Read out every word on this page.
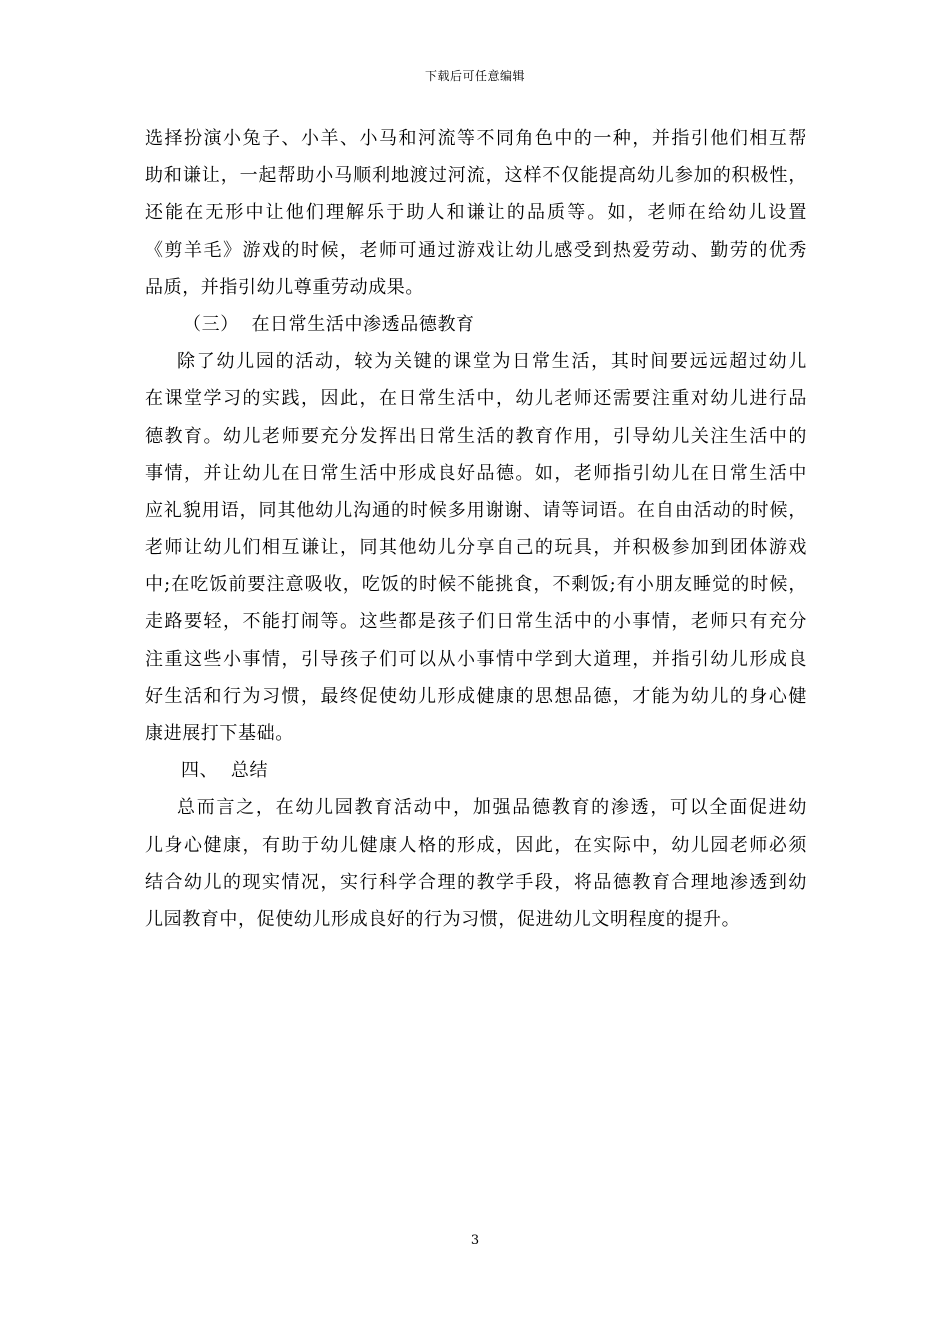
下载后可任意编辑
选择扮演小兔子、小羊、小马和河流等不同角色中的一种，并指引他们相互帮
助和谦让，一起帮助小马顺利地渡过河流，这样不仅能提高幼儿参加的积极性，
还能在无形中让他们理解乐于助人和谦让的品质等。如，老师在给幼儿设置
《剪羊毛》游戏的时候，老师可通过游戏让幼儿感受到热爱劳动、勤劳的优秀
品质，并指引幼儿尊重劳动成果。
（三）  在日常生活中渗透品德教育
除了幼儿园的活动，较为关键的课堂为日常生活，其时间要远远超过幼儿
在课堂学习的实践，因此，在日常生活中，幼儿老师还需要注重对幼儿进行品
德教育。幼儿老师要充分发挥出日常生活的教育作用，引导幼儿关注生活中的
事情，并让幼儿在日常生活中形成良好品德。如，老师指引幼儿在日常生活中
应礼貌用语，同其他幼儿沟通的时候多用谢谢、请等词语。在自由活动的时候，
老师让幼儿们相互谦让，同其他幼儿分享自己的玩具，并积极参加到团体游戏
中;在吃饭前要注意吸收，吃饭的时候不能挑食，不剩饭;有小朋友睡觉的时候，
走路要轻，不能打闹等。这些都是孩子们日常生活中的小事情，老师只有充分
注重这些小事情，引导孩子们可以从小事情中学到大道理，并指引幼儿形成良
好生活和行为习惯，最终促使幼儿形成健康的思想品德，才能为幼儿的身心健
康进展打下基础。
四、  总结
总而言之，在幼儿园教育活动中，加强品德教育的渗透，可以全面促进幼
儿身心健康，有助于幼儿健康人格的形成，因此，在实际中，幼儿园老师必须
结合幼儿的现实情况，实行科学合理的教学手段，将品德教育合理地渗透到幼
儿园教育中，促使幼儿形成良好的行为习惯，促进幼儿文明程度的提升。
3
